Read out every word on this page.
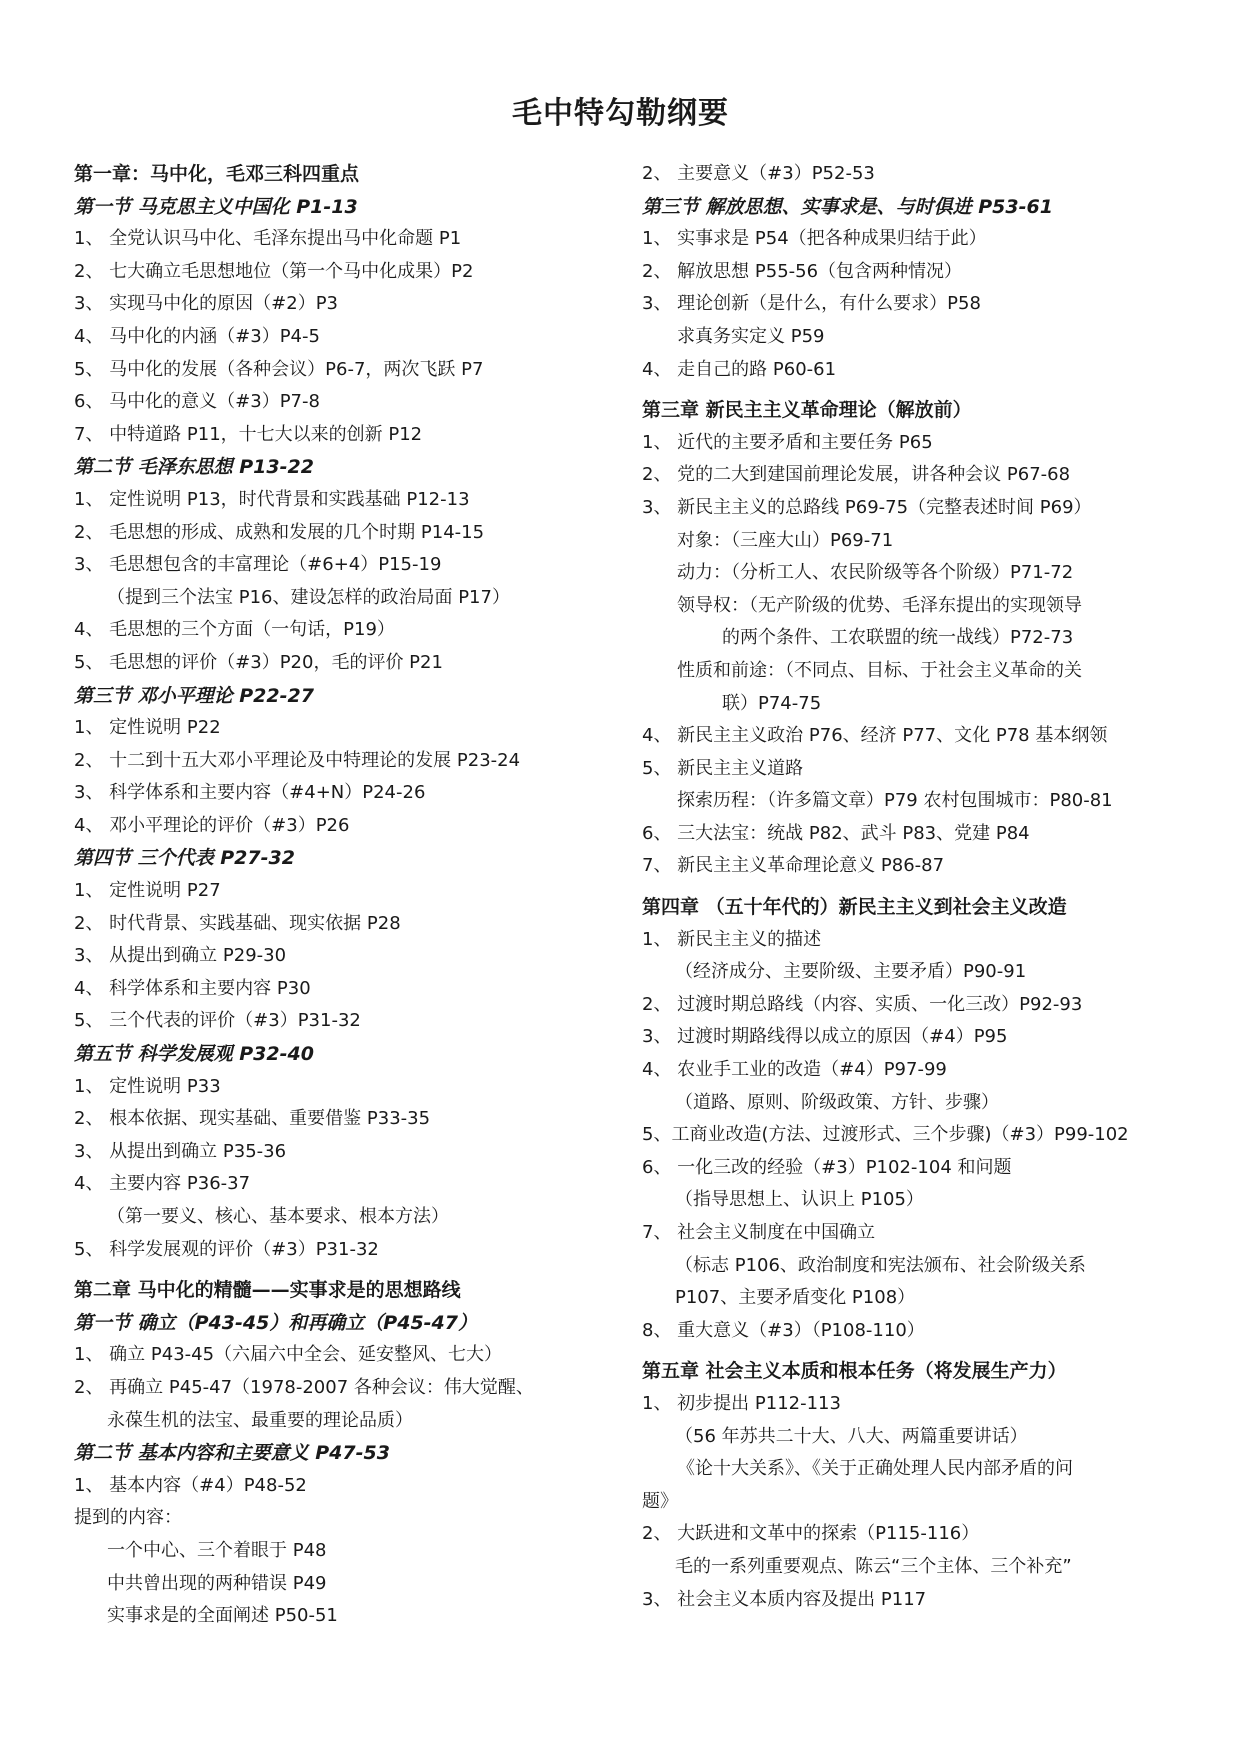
毛中特勾勒纲要
第一章：马中化，毛邓三科四重点
第一节 马克思主义中国化 P1-13
1、 全党认识马中化、毛泽东提出马中化命题 P1
2、 七大确立毛思想地位（第一个马中化成果）P2
3、 实现马中化的原因（#2）P3
4、 马中化的内涵（#3）P4-5
5、 马中化的发展（各种会议）P6-7，两次飞跃 P7
6、 马中化的意义（#3）P7-8
7、 中特道路 P11，十七大以来的创新 P12
第二节 毛泽东思想 P13-22
1、 定性说明 P13，时代背景和实践基础 P12-13
2、 毛思想的形成、成熟和发展的几个时期 P14-15
3、 毛思想包含的丰富理论（#6+4）P15-19
（提到三个法宝 P16、建设怎样的政治局面 P17）
4、 毛思想的三个方面（一句话，P19）
5、 毛思想的评价（#3）P20，毛的评价 P21
第三节 邓小平理论 P22-27
1、 定性说明 P22
2、 十二到十五大邓小平理论及中特理论的发展 P23-24
3、 科学体系和主要内容（#4+N）P24-26
4、 邓小平理论的评价（#3）P26
第四节 三个代表 P27-32
1、 定性说明 P27
2、 时代背景、实践基础、现实依据 P28
3、 从提出到确立 P29-30
4、 科学体系和主要内容 P30
5、 三个代表的评价（#3）P31-32
第五节 科学发展观 P32-40
1、 定性说明 P33
2、 根本依据、现实基础、重要借鉴 P33-35
3、 从提出到确立 P35-36
4、 主要内容 P36-37
（第一要义、核心、基本要求、根本方法）
5、 科学发展观的评价（#3）P31-32
第二章 马中化的精髓——实事求是的思想路线
第一节 确立（P43-45）和再确立（P45-47）
1、 确立 P43-45（六届六中全会、延安整风、七大）
2、 再确立 P45-47（1978-2007 各种会议：伟大觉醒、
永葆生机的法宝、最重要的理论品质）
第二节 基本内容和主要意义 P47-53
1、 基本内容（#4）P48-52
提到的内容：
一个中心、三个着眼于 P48
中共曾出现的两种错误 P49
实事求是的全面阐述 P50-51
2、 主要意义（#3）P52-53
第三节 解放思想、实事求是、与时俱进 P53-61
1、 实事求是 P54（把各种成果归结于此）
2、 解放思想 P55-56（包含两种情况）
3、 理论创新（是什么，有什么要求）P58
求真务实定义 P59
4、 走自己的路 P60-61
第三章 新民主主义革命理论（解放前）
1、 近代的主要矛盾和主要任务 P65
2、 党的二大到建国前理论发展，讲各种会议 P67-68
3、 新民主主义的总路线 P69-75（完整表述时间 P69）
对象：（三座大山）P69-71
动力：（分析工人、农民阶级等各个阶级）P71-72
领导权：（无产阶级的优势、毛泽东提出的实现领导
的两个条件、工农联盟的统一战线）P72-73
性质和前途：（不同点、目标、于社会主义革命的关
联）P74-75
4、 新民主主义政治 P76、经济 P77、文化 P78 基本纲领
5、 新民主主义道路
探索历程：（许多篇文章）P79 农村包围城市：P80-81
6、 三大法宝：统战 P82、武斗 P83、党建 P84
7、 新民主主义革命理论意义 P86-87
第四章 （五十年代的）新民主主义到社会主义改造
1、 新民主主义的描述
（经济成分、主要阶级、主要矛盾）P90-91
2、 过渡时期总路线（内容、实质、一化三改）P92-93
3、 过渡时期路线得以成立的原因（#4）P95
4、 农业手工业的改造（#4）P97-99
（道路、原则、阶级政策、方针、步骤）
5、工商业改造(方法、过渡形式、三个步骤)（#3）P99-102
6、 一化三改的经验（#3）P102-104 和问题
（指导思想上、认识上 P105）
7、 社会主义制度在中国确立
（标志 P106、政治制度和宪法颁布、社会阶级关系
P107、主要矛盾变化 P108）
8、 重大意义（#3）（P108-110）
第五章 社会主义本质和根本任务（将发展生产力）
1、 初步提出 P112-113
（56 年苏共二十大、八大、两篇重要讲话）
《论十大关系》、《关于正确处理人民内部矛盾的问
题》
2、 大跃进和文革中的探索（P115-116）
毛的一系列重要观点、陈云“三个主体、三个补充”
3、 社会主义本质内容及提出 P117
